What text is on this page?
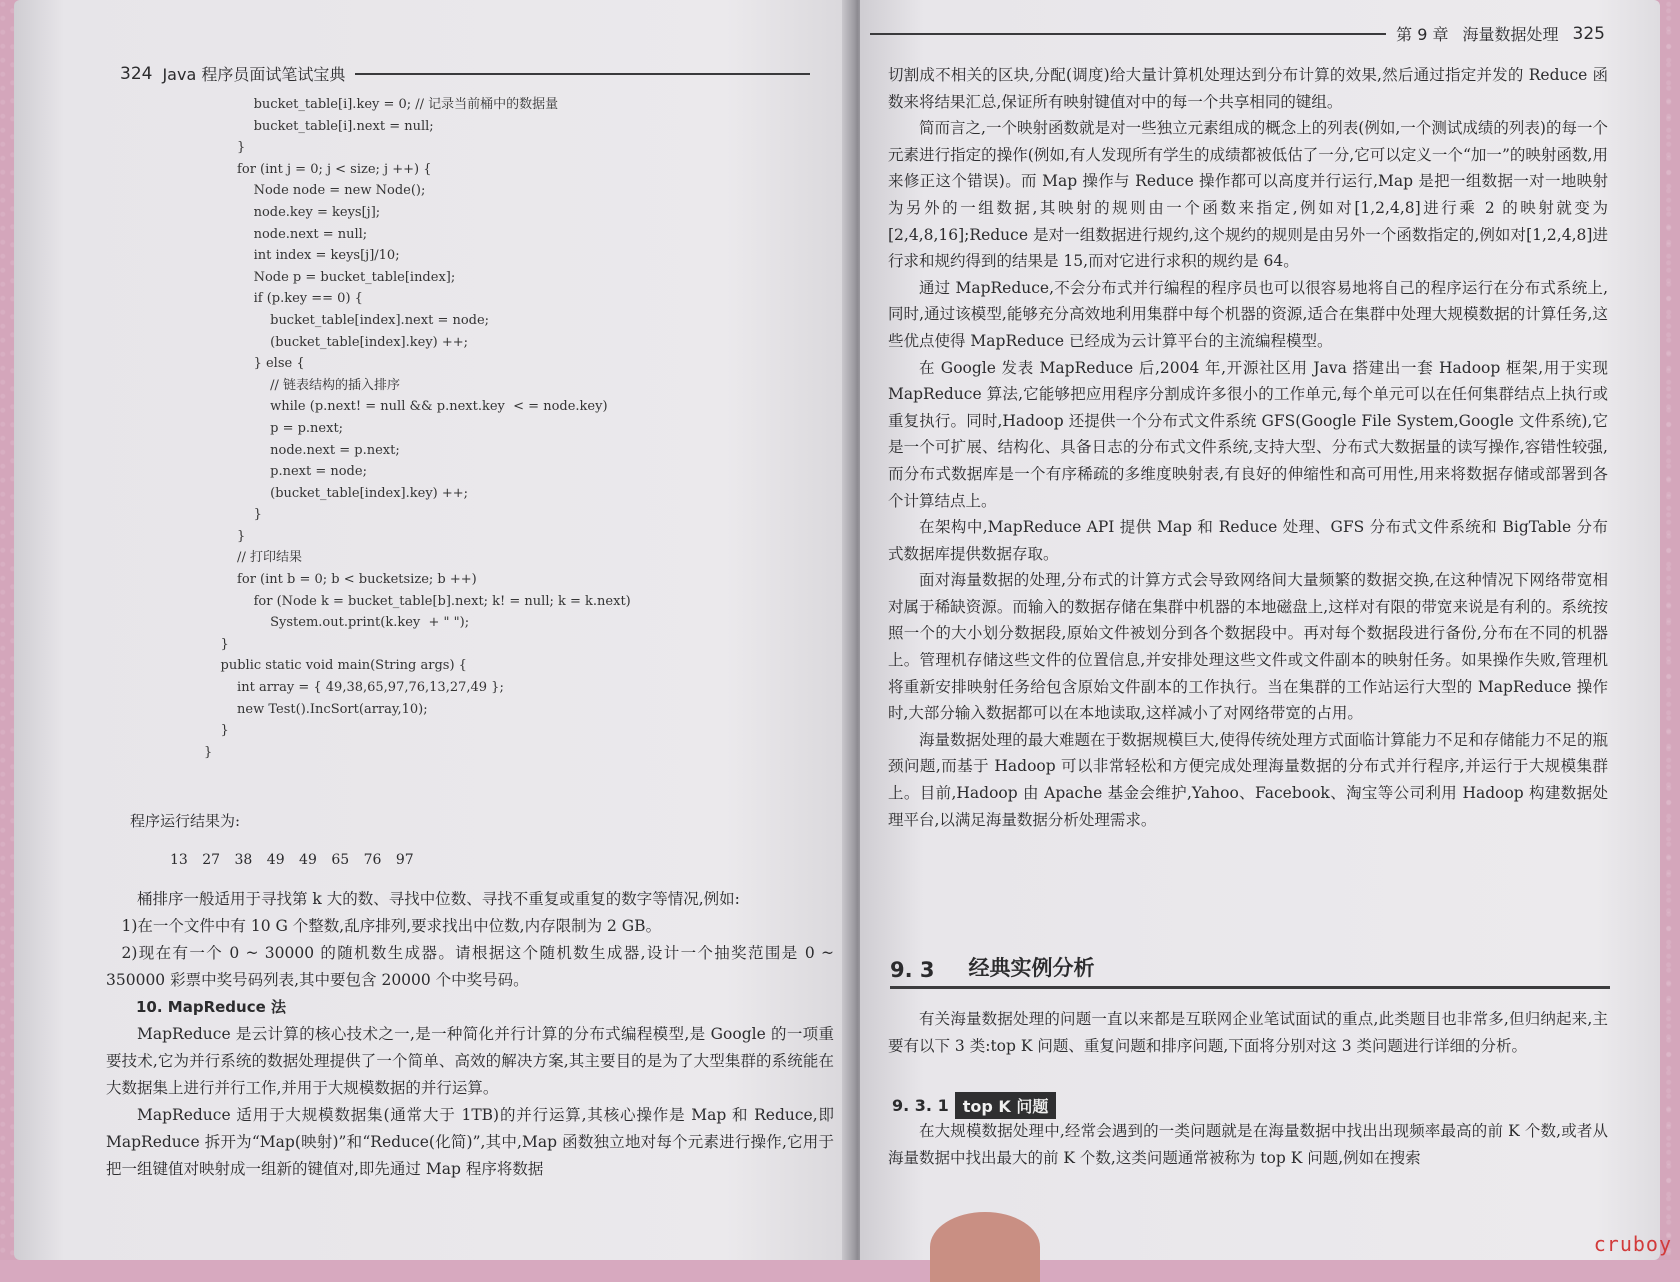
324 Java 程序员面试笔试宝典
bucket_table[i].key = 0; // 记录当前桶中的数据量
bucket_table[i].next = null;
}
for (int j = 0; j < size; j ++) {
Node node = new Node();
node.key = keys[j];
node.next = null;
int index = keys[j]/10;
Node p = bucket_table[index];
if (p.key == 0) {
bucket_table[index].next = node;
(bucket_table[index].key) ++;
} else {
// 链表结构的插入排序
while (p.next! = null && p.next.key  < = node.key)
p = p.next;
node.next = p.next;
p.next = node;
(bucket_table[index].key) ++;
}
}
// 打印结果
for (int b = 0; b < bucketsize; b ++)
for (Node k = bucket_table[b].next; k! = null; k = k.next)
System.out.print(k.key  + " ");
}
public static void main(String args) {
int array = { 49,38,65,97,76,13,27,49 };
new Test().IncSort(array,10);
}
}
程序运行结果为:
13 27 38 49 49 65 76 97

桶排序一般适用于寻找第 k 大的数、寻找中位数、寻找不重复或重复的数字等情况,例如:

1)在一个文件中有 10 G 个整数,乱序排列,要求找出中位数,内存限制为 2 GB。

2)现在有一个 0 ~ 30000 的随机数生成器。请根据这个随机数生成器,设计一个抽奖范围是 0 ~ 350000 彩票中奖号码列表,其中要包含 20000 个中奖号码。

10. MapReduce 法

MapReduce 是云计算的核心技术之一,是一种简化并行计算的分布式编程模型,是 Google 的一项重要技术,它为并行系统的数据处理提供了一个简单、高效的解决方案,其主要目的是为了大型集群的系统能在大数据集上进行并行工作,并用于大规模数据的并行运算。

MapReduce 适用于大规模数据集(通常大于 1TB)的并行运算,其核心操作是 Map 和 Reduce,即 MapReduce 拆开为“Map(映射)”和“Reduce(化简)”,其中,Map 函数独立地对每个元素进行操作,它用于把一组键值对映射成一组新的键值对,即先通过 Map 程序将数据

第 9 章 海量数据处理 325

切割成不相关的区块,分配(调度)给大量计算机处理达到分布计算的效果,然后通过指定并发的 Reduce 函数来将结果汇总,保证所有映射键值对中的每一个共享相同的键组。

简而言之,一个映射函数就是对一些独立元素组成的概念上的列表(例如,一个测试成绩的列表)的每一个元素进行指定的操作(例如,有人发现所有学生的成绩都被低估了一分,它可以定义一个“加一”的映射函数,用来修正这个错误)。而 Map 操作与 Reduce 操作都可以高度并行运行,Map 是把一组数据一对一地映射为另外的一组数据,其映射的规则由一个函数来指定,例如对[1,2,4,8]进行乘 2 的映射就变为[2,4,8,16];Reduce 是对一组数据进行规约,这个规约的规则是由另外一个函数指定的,例如对[1,2,4,8]进行求和规约得到的结果是 15,而对它进行求积的规约是 64。

通过 MapReduce,不会分布式并行编程的程序员也可以很容易地将自己的程序运行在分布式系统上,同时,通过该模型,能够充分高效地利用集群中每个机器的资源,适合在集群中处理大规模数据的计算任务,这些优点使得 MapReduce 已经成为云计算平台的主流编程模型。

在 Google 发表 MapReduce 后,2004 年,开源社区用 Java 搭建出一套 Hadoop 框架,用于实现 MapReduce 算法,它能够把应用程序分割成许多很小的工作单元,每个单元可以在任何集群结点上执行或重复执行。同时,Hadoop 还提供一个分布式文件系统 GFS(Google File System,Google 文件系统),它是一个可扩展、结构化、具备日志的分布式文件系统,支持大型、分布式大数据量的读写操作,容错性较强,而分布式数据库是一个有序稀疏的多维度映射表,有良好的伸缩性和高可用性,用来将数据存储或部署到各个计算结点上。

在架构中,MapReduce API 提供 Map 和 Reduce 处理、GFS 分布式文件系统和 BigTable 分布式数据库提供数据存取。

面对海量数据的处理,分布式的计算方式会导致网络间大量频繁的数据交换,在这种情况下网络带宽相对属于稀缺资源。而输入的数据存储在集群中机器的本地磁盘上,这样对有限的带宽来说是有利的。系统按照一个的大小划分数据段,原始文件被划分到各个数据段中。再对每个数据段进行备份,分布在不同的机器上。管理机存储这些文件的位置信息,并安排处理这些文件或文件副本的映射任务。如果操作失败,管理机将重新安排映射任务给包含原始文件副本的工作执行。当在集群的工作站运行大型的 MapReduce 操作时,大部分输入数据都可以在本地读取,这样减小了对网络带宽的占用。

海量数据处理的最大难题在于数据规模巨大,使得传统处理方式面临计算能力不足和存储能力不足的瓶颈问题,而基于 Hadoop 可以非常轻松和方便完成处理海量数据的分布式并行程序,并运行于大规模集群上。目前,Hadoop 由 Apache 基金会维护,Yahoo、Facebook、淘宝等公司利用 Hadoop 构建数据处理平台,以满足海量数据分析处理需求。

9. 3 经典实例分析

有关海量数据处理的问题一直以来都是互联网企业笔试面试的重点,此类题目也非常多,但归纳起来,主要有以下 3 类:top K 问题、重复问题和排序问题,下面将分别对这 3 类问题进行详细的分析。

9. 3. 1 top K 问题

在大规模数据处理中,经常会遇到的一类问题就是在海量数据中找出出现频率最高的前 K 个数,或者从海量数据中找出最大的前 K 个数,这类问题通常被称为 top K 问题,例如在搜索

cruboy
